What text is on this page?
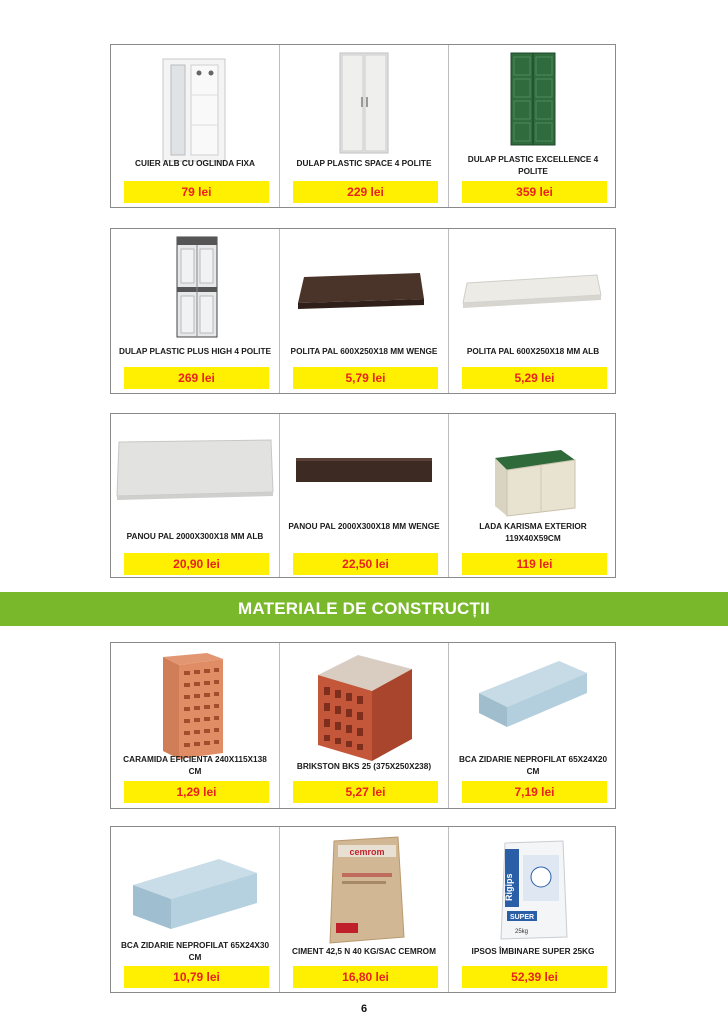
CUIER ALB CU OGLINDA FIXA
79 lei
DULAP PLASTIC SPACE 4 POLITE
229 lei
DULAP PLASTIC EXCELLENCE 4 POLITE
359 lei
DULAP PLASTIC PLUS HIGH 4 POLITE
269 lei
POLITA PAL 600X250X18 MM WENGE
5,79 lei
POLITA PAL 600X250X18 MM ALB
5,29 lei
PANOU PAL 2000X300X18 MM ALB
20,90 lei
PANOU PAL 2000X300X18 MM WENGE
22,50 lei
LADA KARISMA EXTERIOR 119X40X59CM
119 lei
MATERIALE DE CONSTRUCȚII
CARAMIDA EFICIENTA 240X115X138 CM
1,29 lei
BRIKSTON BKS 25 (375X250X238)
5,27 lei
BCA ZIDARIE NEPROFILAT 65X24X20 CM
7,19 lei
BCA ZIDARIE NEPROFILAT 65X24X30 CM
10,79 lei
cemrom
CIMENT 42,5 N 40 KG/SAC CEMROM
16,80 lei
Rigips
SUPER
25kg
IPSOS ÎMBINARE SUPER 25KG
52,39 lei
6
